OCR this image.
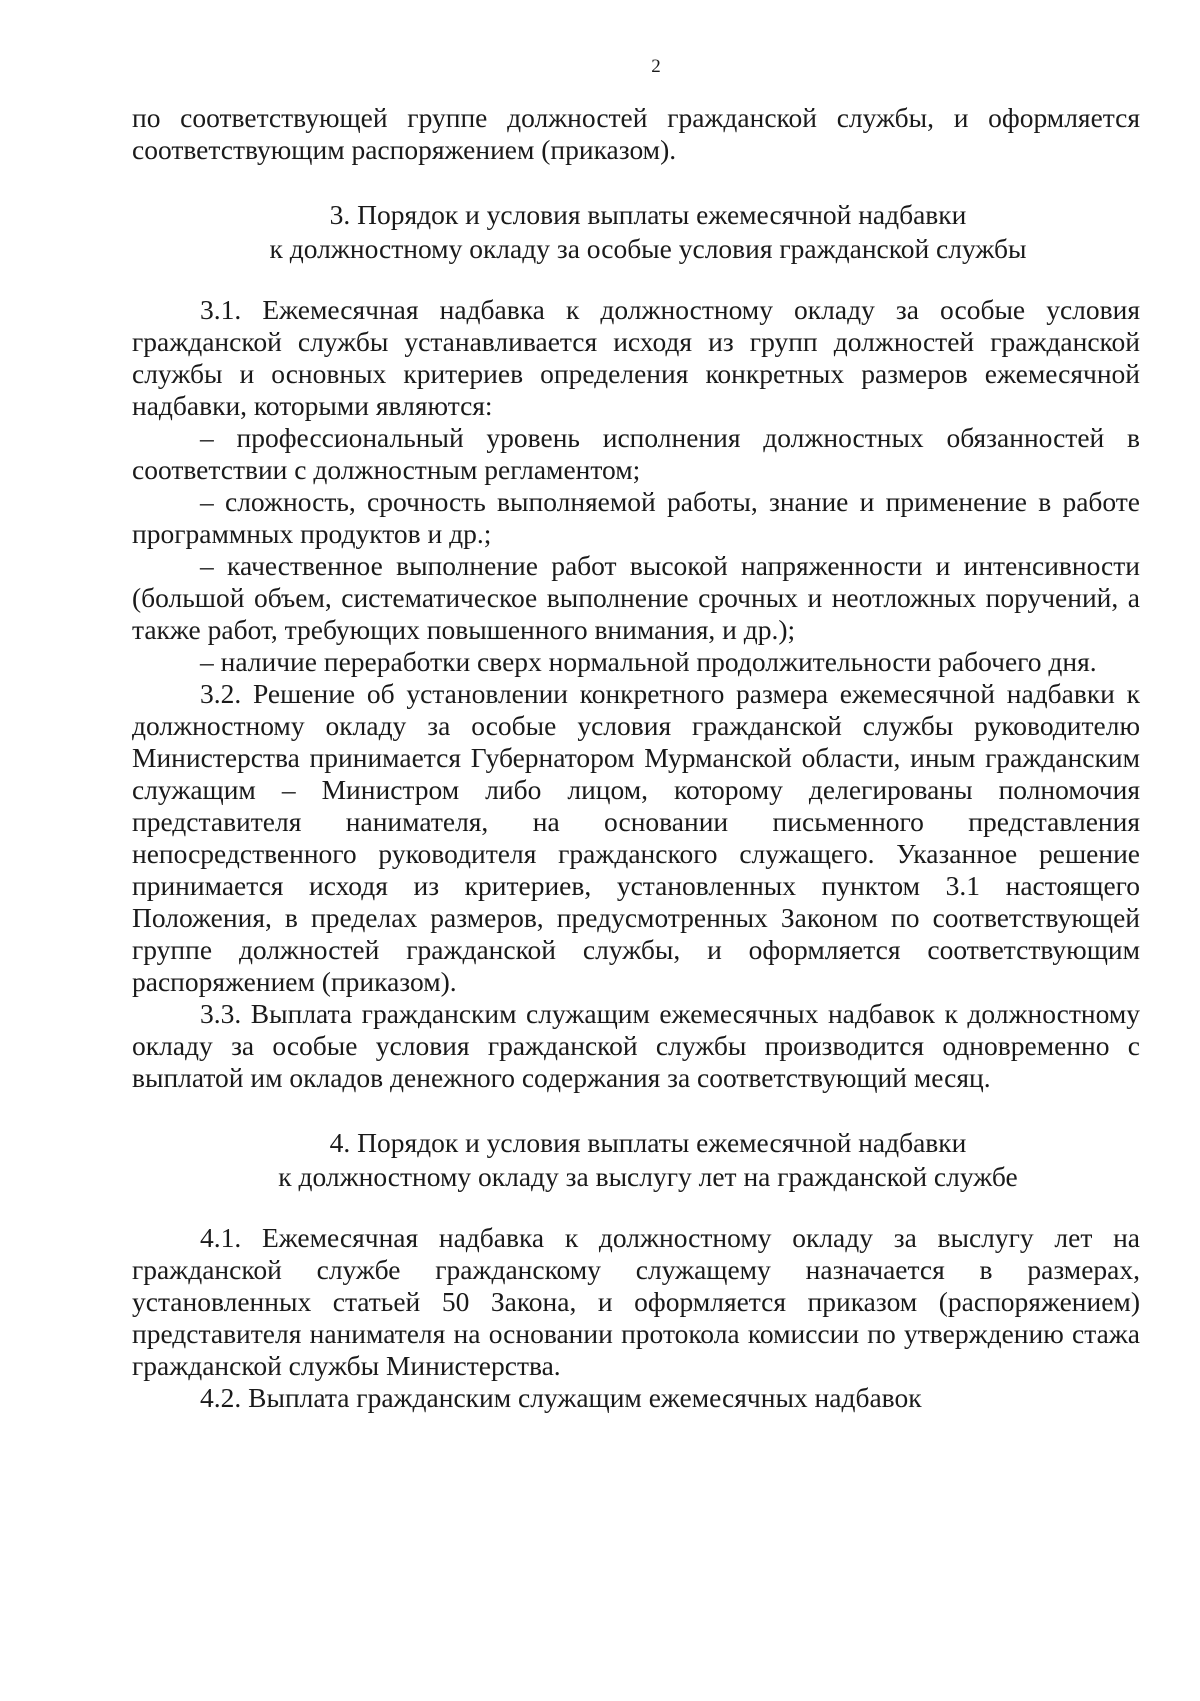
2

по соответствующей группе должностей гражданской службы, и оформляется соответствующим распоряжением (приказом).

3. Порядок и условия выплаты ежемесячной надбавки
к должностному окладу за особые условия гражданской службы

3.1. Ежемесячная надбавка к должностному окладу за особые условия гражданской службы устанавливается исходя из групп должностей гражданской службы и основных критериев определения конкретных размеров ежемесячной надбавки, которыми являются:

– профессиональный уровень исполнения должностных обязанностей в соответствии с должностным регламентом;

– сложность, срочность выполняемой работы, знание и применение в работе программных продуктов и др.;

– качественное выполнение работ высокой напряженности и интенсивности (большой объем, систематическое выполнение срочных и неотложных поручений, а также работ, требующих повышенного внимания, и др.);

– наличие переработки сверх нормальной продолжительности рабочего дня.

3.2. Решение об установлении конкретного размера ежемесячной надбавки к должностному окладу за особые условия гражданской службы руководителю Министерства принимается Губернатором Мурманской области, иным гражданским служащим – Министром либо лицом, которому делегированы полномочия представителя нанимателя, на основании письменного представления непосредственного руководителя гражданского служащего. Указанное решение принимается исходя из критериев, установленных пунктом 3.1 настоящего Положения, в пределах размеров, предусмотренных Законом по соответствующей группе должностей гражданской службы, и оформляется соответствующим распоряжением (приказом).

3.3. Выплата гражданским служащим ежемесячных надбавок к должностному окладу за особые условия гражданской службы производится одновременно с выплатой им окладов денежного содержания за соответствующий месяц.

4. Порядок и условия выплаты ежемесячной надбавки
к должностному окладу за выслугу лет на гражданской службе

4.1. Ежемесячная надбавка к должностному окладу за выслугу лет на гражданской службе гражданскому служащему назначается в размерах, установленных статьей 50 Закона, и оформляется приказом (распоряжением) представителя нанимателя на основании протокола комиссии по утверждению стажа гражданской службы Министерства.

4.2. Выплата гражданским служащим ежемесячных надбавок
